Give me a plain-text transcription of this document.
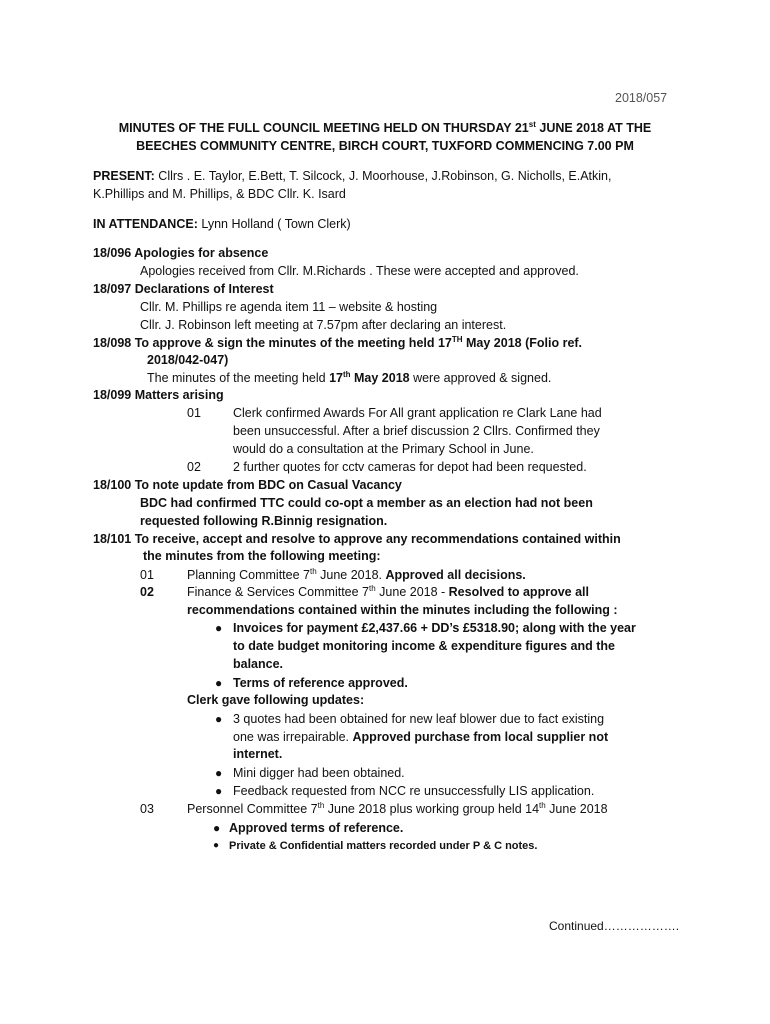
2018/057
MINUTES OF THE FULL COUNCIL MEETING HELD ON THURSDAY 21st JUNE 2018 AT THE
BEECHES COMMUNITY CENTRE, BIRCH COURT, TUXFORD COMMENCING 7.00 PM
PRESENT: Cllrs . E. Taylor, E.Bett, T. Silcock, J. Moorhouse, J.Robinson, G. Nicholls, E.Atkin,
K.Phillips and M. Phillips, & BDC Cllr. K. Isard
IN ATTENDANCE: Lynn Holland ( Town Clerk)
18/096 Apologies for absence
Apologies received from Cllr. M.Richards . These were accepted and approved.
18/097 Declarations of Interest
Cllr. M. Phillips re agenda item 11 – website & hosting
Cllr. J. Robinson left meeting at 7.57pm after declaring an interest.
18/098 To approve & sign the minutes of the meeting held 17TH May 2018 (Folio ref.
2018/042-047)
The minutes of the meeting held 17th May 2018 were approved & signed.
18/099 Matters arising
01	Clerk confirmed Awards For All grant application re Clark Lane had
been unsuccessful. After a brief discussion 2 Cllrs. Confirmed they
would do a consultation at the Primary School in June.
02	2 further quotes for cctv cameras for depot had been requested.
18/100 To note update from BDC on Casual Vacancy
BDC had confirmed TTC could co-opt a member as an election had not been
requested following R.Binnig resignation.
18/101 To receive, accept and resolve to approve any recommendations contained within
the minutes from the following meeting:
01	Planning Committee 7th June 2018. Approved all decisions.
02	Finance & Services Committee 7th June 2018 - Resolved to approve all
recommendations contained within the minutes including the following :
● Invoices for payment £2,437.66 + DD’s £5318.90; along with the year
to date budget monitoring income & expenditure figures and the
balance.
● Terms of reference approved.
Clerk gave following updates:
● 3 quotes had been obtained for new leaf blower due to fact existing
one was irrepairable. Approved purchase from local supplier not
internet.
● Mini digger had been obtained.
● Feedback requested from NCC re unsuccessfully LIS application.
03	Personnel Committee 7th June 2018 plus working group held 14th June 2018
● Approved terms of reference.
● Private & Confidential matters recorded under P & C notes.
Continued……………….
